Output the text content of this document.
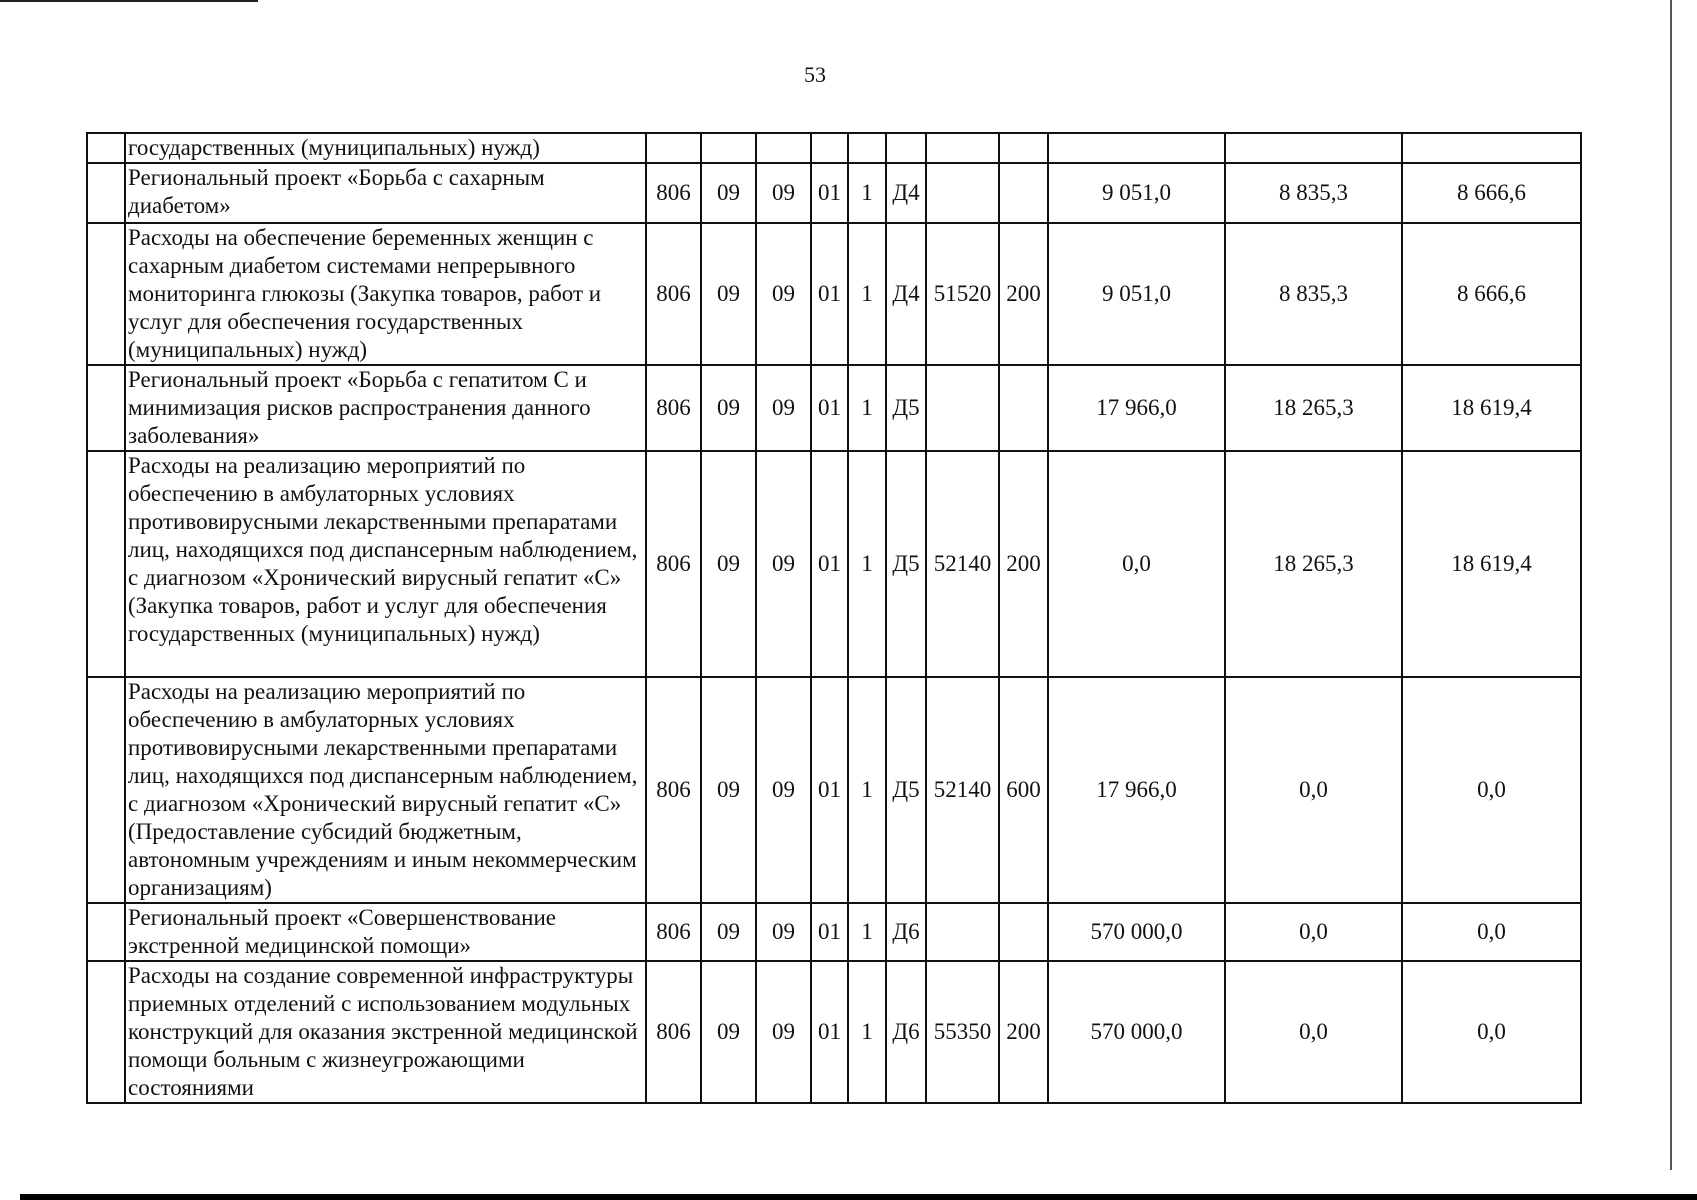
53
	государственных (муниципальных) нужд)											
	Региональный проект «Борьба с сахарным диабетом»	806	09	09	01	1	Д4			9 051,0	8 835,3	8 666,6
	Расходы на обеспечение беременных женщин с сахарным диабетом системами непрерывного мониторинга глюкозы (Закупка товаров, работ и услуг для обеспечения государственных (муниципальных) нужд)	806	09	09	01	1	Д4	51520	200	9 051,0	8 835,3	8 666,6
	Региональный проект «Борьба с гепатитом С и минимизация рисков распространения данного заболевания»	806	09	09	01	1	Д5			17 966,0	18 265,3	18 619,4
	Расходы на реализацию мероприятий по обеспечению в амбулаторных условиях противовирусными лекарственными препаратами лиц, находящихся под диспансерным наблюдением, с диагнозом «Хронический вирусный гепатит «С» (Закупка товаров, работ и услуг для обеспечения государственных (муниципальных) нужд)	806	09	09	01	1	Д5	52140	200	0,0	18 265,3	18 619,4
	Расходы на реализацию мероприятий по обеспечению в амбулаторных условиях противовирусными лекарственными препаратами лиц, находящихся под диспансерным наблюдением, с диагнозом «Хронический вирусный гепатит «С» (Предоставление субсидий бюджетным, автономным учреждениям и иным некоммерческим организациям)	806	09	09	01	1	Д5	52140	600	17 966,0	0,0	0,0
	Региональный проект «Совершенствование экстренной медицинской помощи»	806	09	09	01	1	Д6			570 000,0	0,0	0,0
	Расходы на создание современной инфраструктуры приемных отделений с использованием модульных конструкций для оказания экстренной медицинской помощи больным с жизнеугрожающими состояниями	806	09	09	01	1	Д6	55350	200	570 000,0	0,0	0,0
